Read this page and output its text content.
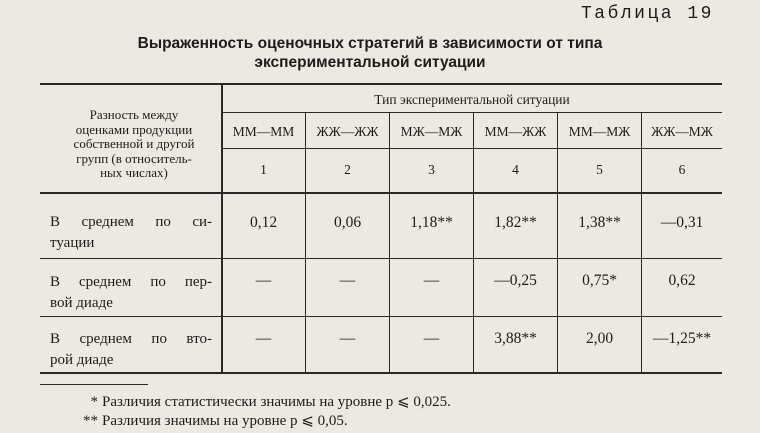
Таблица 19
Выраженность оценочных стратегий в зависимости от типа
экспериментальной ситуации
Разность между
оценками продукции
собственной и другой
групп (в относитель-
ных числах)
Тип экспериментальной ситуации
ММ—ММ	ЖЖ—ЖЖ	МЖ—МЖ	ММ—ЖЖ	ММ—МЖ	ЖЖ—МЖ
1	2	3	4	5	6
В среднем по си-
туации
0,12	0,06	1,18**	1,82**	1,38**	—0,31
В среднем по пер-
вой диаде
—	—	—	—0,25	0,75*	0,62
В среднем по вто-
рой диаде
—	—	—	3,88**	2,00	—1,25**
* Различия статистически значимы на уровне p ⩽ 0,025.
** Различия значимы на уровне p ⩽ 0,05.
